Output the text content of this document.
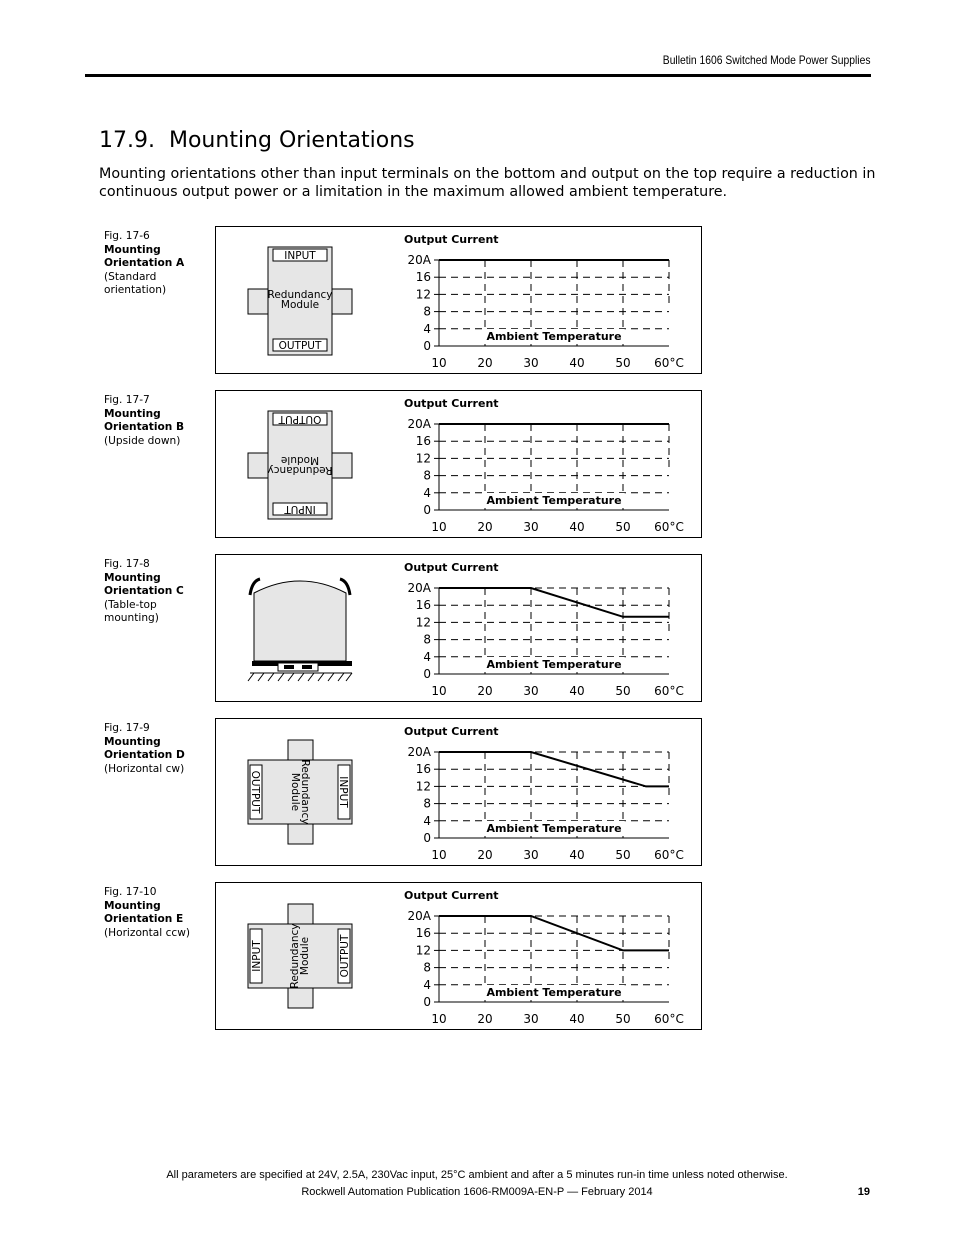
Bulletin 1606 Switched Mode Power Supplies
17.9. Mounting Orientations

Mounting orientations other than input terminals on the bottom and output on the top require a reduction in continuous output power or a limitation in the maximum allowed ambient temperature.

Fig. 17-6
Mounting
Orientation A
(Standard orientation)
INPUT
OUTPUT
Redundancy
Module
Output Current
0
4
8
12
16
20A
10	20	30	40	50 60°C
Ambient Temperature
Fig. 17-7
Mounting
Orientation B
(Upside down)
OUTPUT
INPUT
Redundancy
Module
Output Current
0
4
8
12
16
20A
10	20	30	40	50 60°C
Ambient Temperature
Fig. 17-8
Mounting
Orientation C
(Table-top mounting)
Output Current
0
4
8
12
16
20A
10	20	30	40	50 60°C
Ambient Temperature
Fig. 17-9
Mounting
Orientation D
(Horizontal cw)
OUTPUT	INPUT
Redundancy
Module
Output Current
0
4
8
12
16
20A
10	20	30	40	50 60°C
Ambient Temperature
Fig. 17-10
Mounting
Orientation E
(Horizontal ccw)
INPUT	OUTPUT
Redundancy
Module
Output Current
0
4
8
12
16
20A
10	20	30	40	50 60°C
Ambient Temperature
All parameters are specified at 24V, 2.5A, 230Vac input, 25°C ambient and after a 5 minutes run-in time unless noted otherwise.
Rockwell Automation Publication 1606-RM009A-EN-P — February 2014	19
